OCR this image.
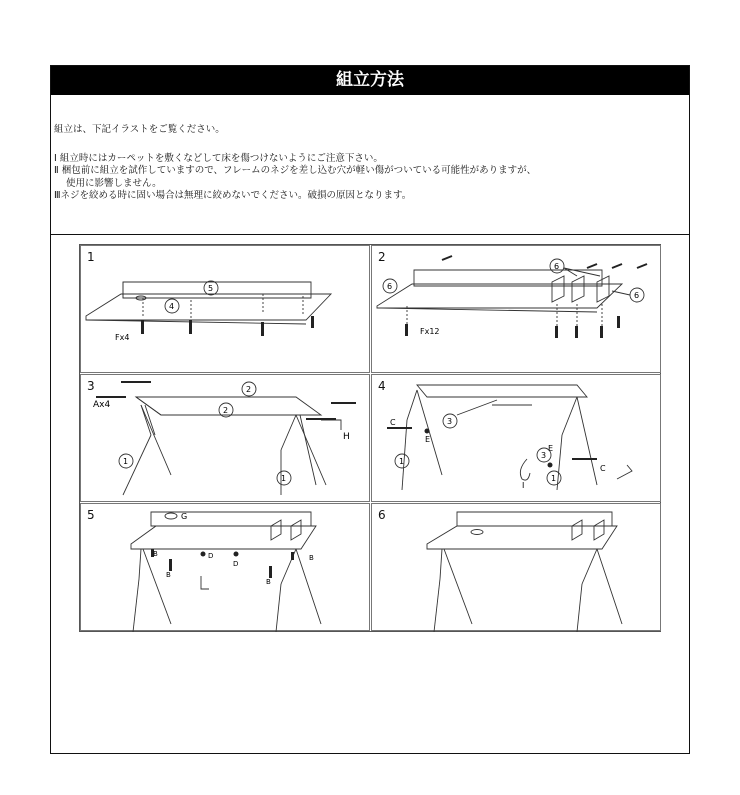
組立方法
組立は、下記イラストをご覧ください。
Ⅰ 組立時にはカーペットを敷くなどして床を傷つけないようにご注意下さい。
Ⅱ 梱包前に組立を試作していますので、フレームのネジを差し込む穴が軽い傷がついている可能性がありますが、
使用に影響しません。
Ⅲネジを絞める時に固い場合は無理に絞めないでください。破損の原因となります。
1
5
4
Fx4
2
6
6
6
Fx12
3	2
2
Ax4
1
1
H
4
3
3
C
E
E
C
I
1
1
5	G
B	D
D
B
B
B
6
